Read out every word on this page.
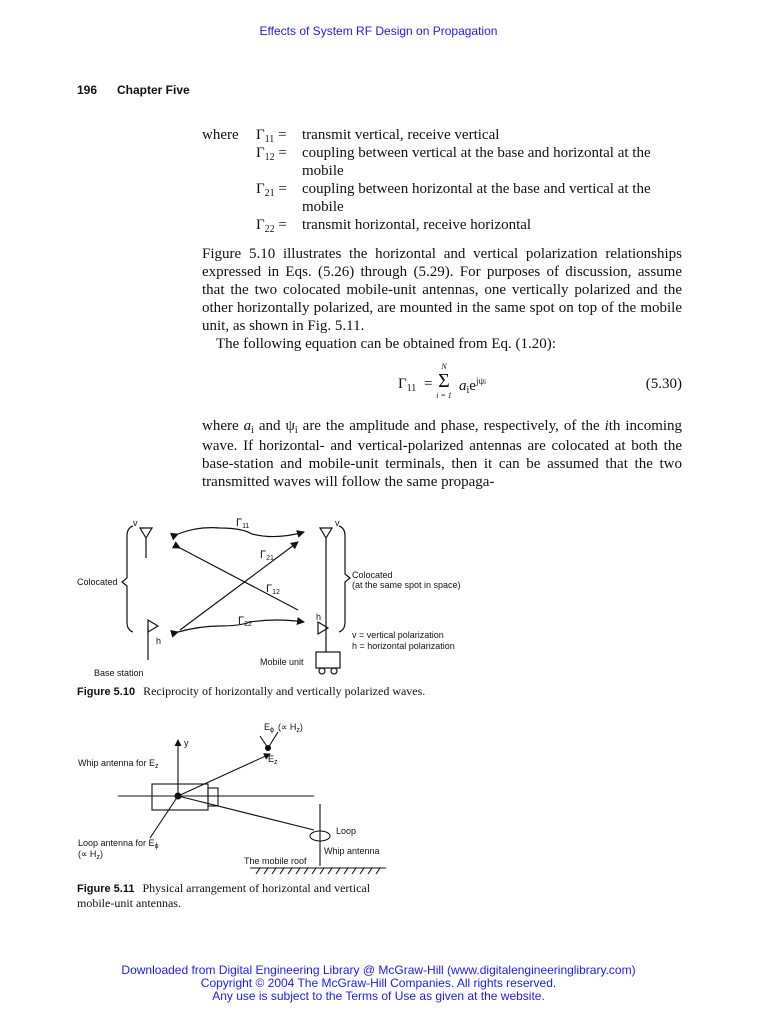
Effects of System RF Design on Propagation
196 Chapter Five
where $\Gamma_{11}$ = transmit vertical, receive vertical
$\Gamma_{12}$ = coupling between vertical at the base and horizontal at the mobile
$\Gamma_{21}$ = coupling between horizontal at the base and vertical at the mobile
$\Gamma_{22}$ = transmit horizontal, receive horizontal

Figure 5.10 illustrates the horizontal and vertical polarization relationships expressed in Eqs. (5.26) through (5.29). For purposes of discussion, assume that the two colocated mobile-unit antennas, one vertically polarized and the other horizontally polarized, are mounted in the same spot on top of the mobile unit, as shown in Fig. 5.11.

The following equation can be obtained from Eq. (1.20):

$\Gamma_{11}$ =
N
Σ
i = 1
$a_ie^{j\psi i}$	(5.30)

where $a_i$ and $\psi_i$ are the amplitude and phase, respectively, of the ith incoming wave. If horizontal- and vertical-polarized antennas are colocated at both the base-station and mobile-unit terminals, then it can be assumed that the two transmitted waves will follow the same propaga-

v	v
h
h
Colocated
Colocated
(at the same spot in space)
Γ11
Γ21
Γ12
Γ22
v = vertical polarization
h = horizontal polarization
Mobile unit
Base station
Figure 5.10 Reciprocity of horizontally and vertically polarized waves.
y
$E_\phi$ (∝ $H_z$)
$E_z$
Whip antenna for $E_z$
Loop antenna for $E_\phi$
(∝ $H_z$)
Loop
Whip antenna
The mobile roof
Figure 5.11 Physical arrangement of horizontal and vertical mobile-unit antennas.
Downloaded from Digital Engineering Library @ McGraw-Hill (www.digitalengineeringlibrary.com)
Copyright © 2004 The McGraw-Hill Companies. All rights reserved.
Any use is subject to the Terms of Use as given at the website.
